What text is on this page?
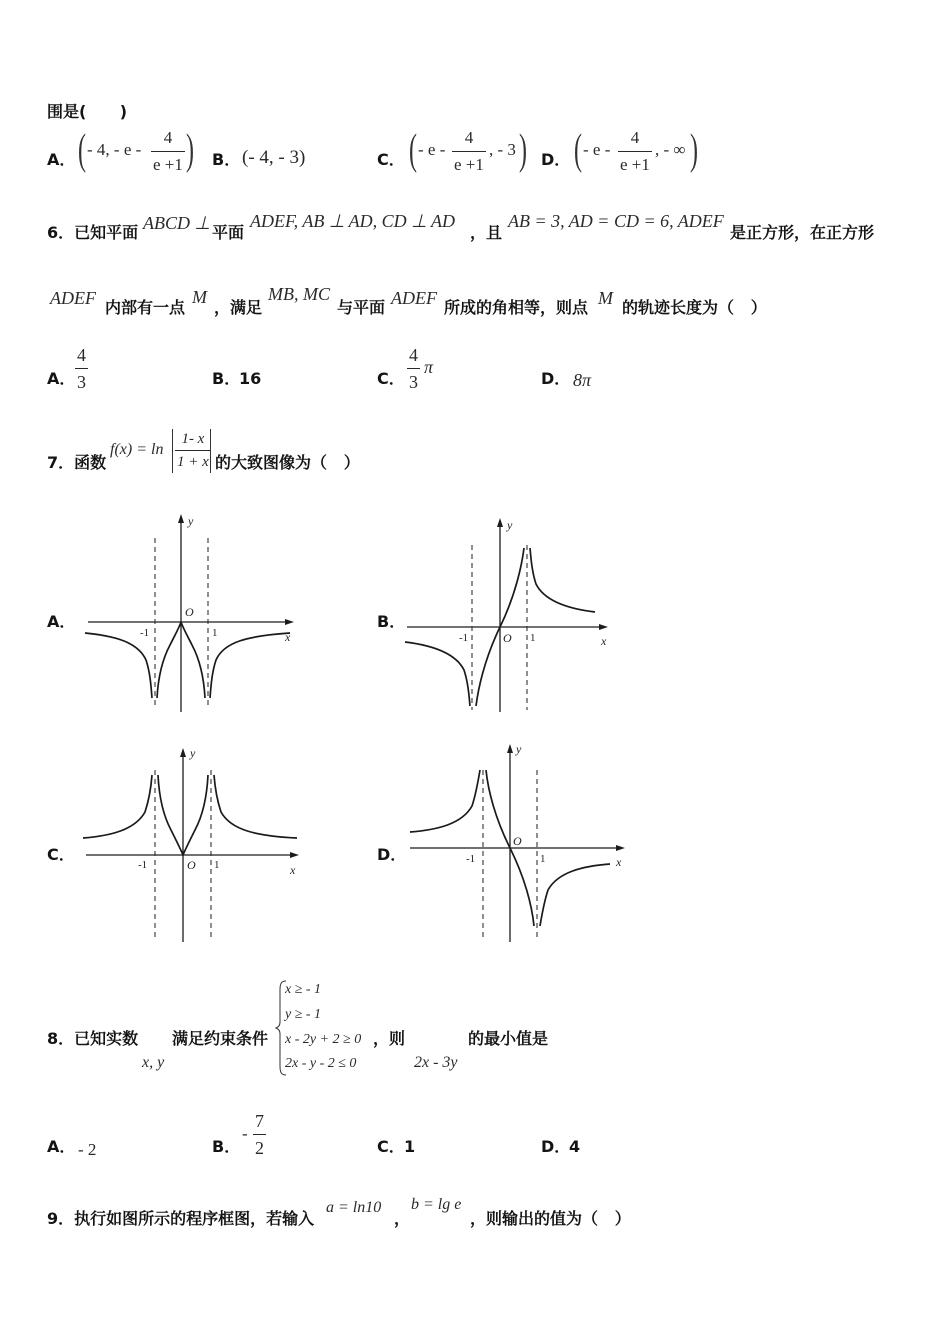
围是(      )
A． ( - 4, - e - $\frac{4}{e +1}$ ) B． (- 4, - 3)	C． ( - e - $\frac{4}{e +1}$ , - 3 ) D． ( - e - $\frac{4}{e +1}$ , - ∞ )
6．已知平面 ABCD ⊥ 平面
ADEF, AB ⊥ AD, CD ⊥ AD
，且
AB = 3, AD = CD = 6, ADEF
是正方形，在正方形
ADEF 内部有一点
M
，满足
MB, MC
与平面 ADEF 所成的角相等，则点 M 的轨迹长度为（   ）
A． $\frac{4}{3}$	B．
16	C． $\frac{4}{3}$ π
D． 8π
7．函数
$f(x) = \ln \frac{1- x}{1 + x}$ 的大致图像为（   ）
A．
y
O
-1	1	x
B．
y
O
-1	1	x
C．
y
O
-1	1	x
D．
y
O
-1	1	x
8．已知实数
x, y
满足约束条件
x ≥ - 1
y ≥ - 1
x - 2y + 2 ≥ 0
2x - y - 2 ≤ 0
，则
2x - 3y
的最小值是
A． - 2	B．
- $\frac{7}{2}$	C． 1	D．
4
9．执行如图所示的程序框图，若输入
a = ln10
，
b = lg e
，则输出的值为（   ）
